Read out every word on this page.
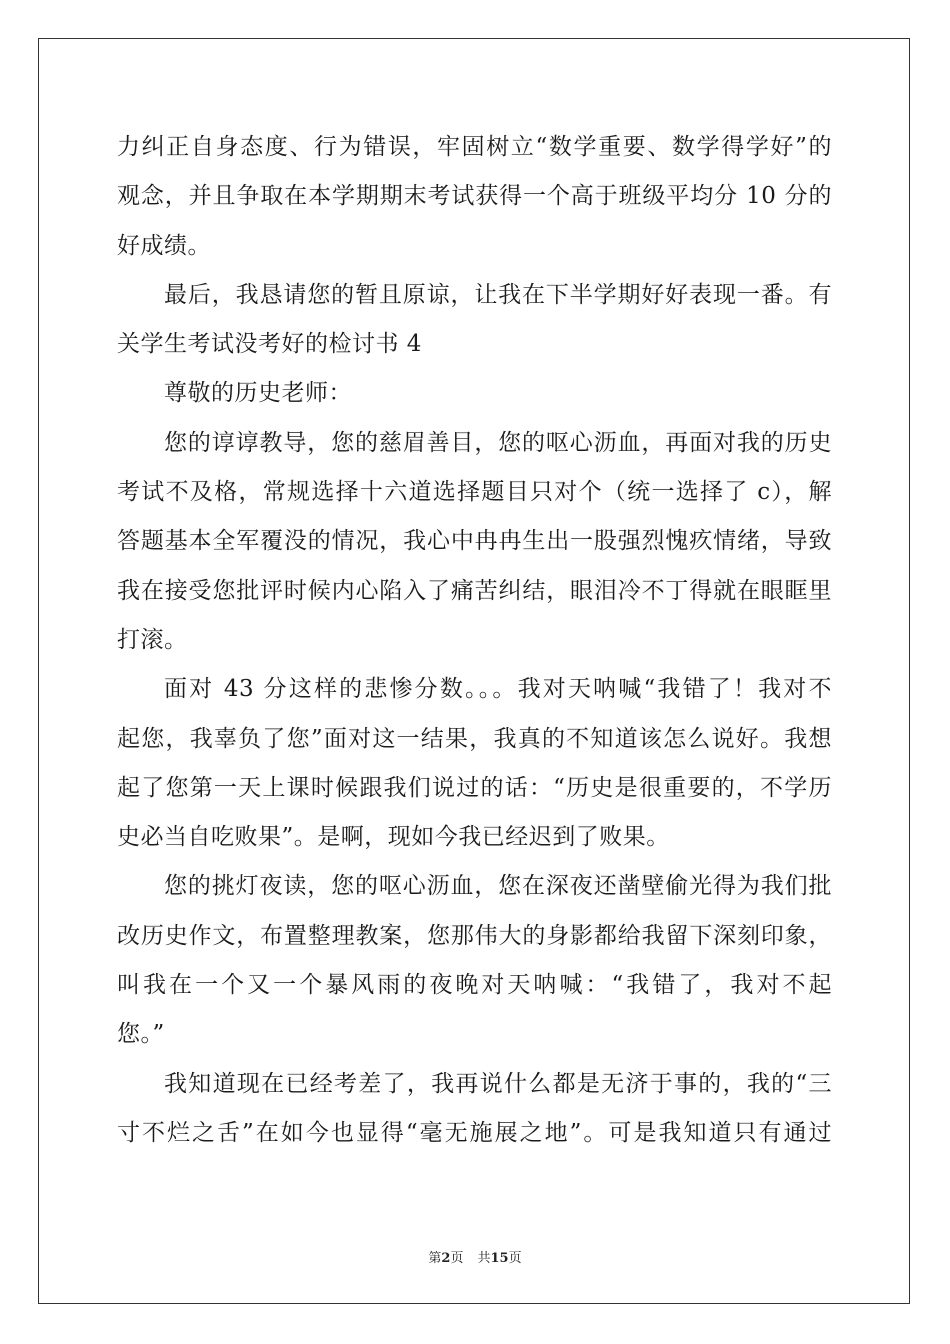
力纠正自身态度、行为错误，牢固树立“数学重要、数学得学好”的
观念，并且争取在本学期期末考试获得一个高于班级平均分 10 分的
好成绩。
最后，我恳请您的暂且原谅，让我在下半学期好好表现一番。有
关学生考试没考好的检讨书 4
尊敬的历史老师：
您的谆谆教导，您的慈眉善目，您的呕心沥血，再面对我的历史
考试不及格，常规选择十六道选择题目只对个（统一选择了 c），解
答题基本全军覆没的情况，我心中冉冉生出一股强烈愧疚情绪，导致
我在接受您批评时候内心陷入了痛苦纠结，眼泪冷不丁得就在眼眶里
打滚。
面对 43 分这样的悲惨分数。。。我对天呐喊“我错了！我对不
起您，我辜负了您”面对这一结果，我真的不知道该怎么说好。我想
起了您第一天上课时候跟我们说过的话：“历史是很重要的，不学历
史必当自吃败果”。是啊，现如今我已经迟到了败果。
您的挑灯夜读，您的呕心沥血，您在深夜还凿壁偷光得为我们批
改历史作文，布置整理教案，您那伟大的身影都给我留下深刻印象，
叫我在一个又一个暴风雨的夜晚对天呐喊：“我错了，我对不起
您。”
我知道现在已经考差了，我再说什么都是无济于事的，我的“三
寸不烂之舌”在如今也显得“毫无施展之地”。可是我知道只有通过
第2页 共15页
